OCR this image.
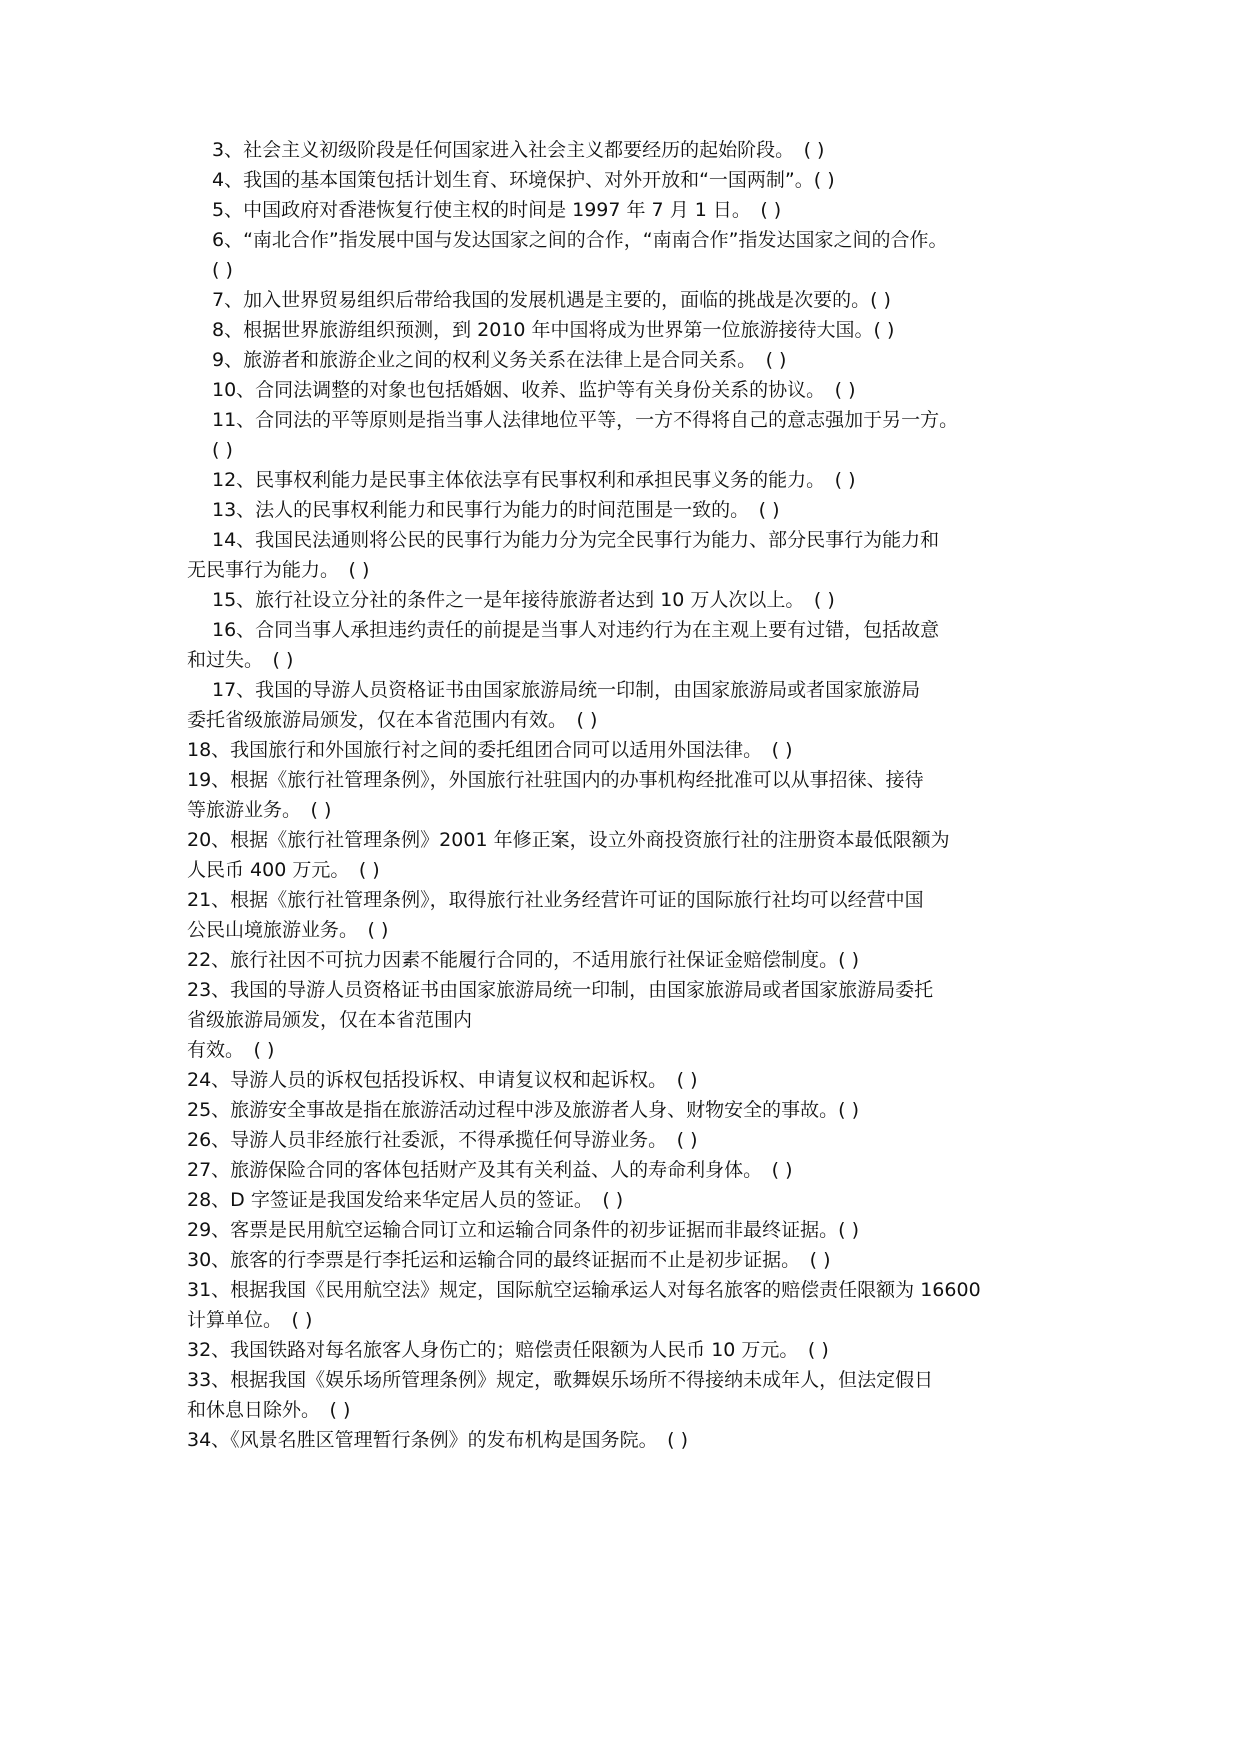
3、社会主义初级阶段是任何国家进入社会主义都要经历的起始阶段。　( )
4、我国的基本国策包括计划生育、环境保护、对外开放和“一国两制”。( )
5、中国政府对香港恢复行使主权的时间是 1997 年 7 月 1 日。　( )
6、“南北合作”指发展中国与发达国家之间的合作，“南南合作”指发达国家之间的合作。
( )
7、加入世界贸易组织后带给我国的发展机遇是主要的，面临的挑战是次要的。( )
8、根据世界旅游组织预测，到 2010 年中国将成为世界第一位旅游接待大国。( )
9、旅游者和旅游企业之间的权利义务关系在法律上是合同关系。　( )
10、合同法调整的对象也包括婚姻、收养、监护等有关身份关系的协议。　( )
11、合同法的平等原则是指当事人法律地位平等，一方不得将自己的意志强加于另一方。
( )
12、民事权利能力是民事主体依法享有民事权利和承担民事义务的能力。　( )
13、法人的民事权利能力和民事行为能力的时间范围是一致的。　( )
14、我国民法通则将公民的民事行为能力分为完全民事行为能力、部分民事行为能力和
无民事行为能力。　( )
15、旅行社设立分社的条件之一是年接待旅游者达到 10 万人次以上。　( )
16、合同当事人承担违约责任的前提是当事人对违约行为在主观上要有过错，包括故意
和过失。　( )
17、我国的导游人员资格证书由国家旅游局统一印制，由国家旅游局或者国家旅游局
委托省级旅游局颁发，仅在本省范围内有效。　( )
18、我国旅行和外国旅行衬之间的委托组团合同可以适用外国法律。　( )
19、根据《旅行社管理条例》，外国旅行社驻国内的办事机构经批准可以从事招徕、接待
等旅游业务。　( )
20、根据《旅行社管理条例》2001 年修正案，设立外商投资旅行社的注册资本最低限额为
人民币 400 万元。　( )
21、根据《旅行社管理条例》，取得旅行社业务经营许可证的国际旅行社均可以经营中国
公民山境旅游业务。　( )
22、旅行社因不可抗力因素不能履行合同的，不适用旅行社保证金赔偿制度。( )
23、我国的导游人员资格证书由国家旅游局统一印制，由国家旅游局或者国家旅游局委托
省级旅游局颁发，仅在本省范围内
有效。　( )
24、导游人员的诉权包括投诉权、申请复议权和起诉权。　( )
25、旅游安全事故是指在旅游活动过程中涉及旅游者人身、财物安全的事故。( )
26、导游人员非经旅行社委派，不得承揽任何导游业务。　( )
27、旅游保险合同的客体包括财产及其有关利益、人的寿命利身体。　( )
28、D 字签证是我国发给来华定居人员的签证。　( )
29、客票是民用航空运输合同订立和运输合同条件的初步证据而非最终证据。( )
30、旅客的行李票是行李托运和运输合同的最终证据而不止是初步证据。　( )
31、根据我国《民用航空法》规定，国际航空运输承运人对每名旅客的赔偿责任限额为 16600
计算单位。　( )
32、我国铁路对每名旅客人身伤亡的；赔偿责任限额为人民币 10 万元。　( )
33、根据我国《娱乐场所管理条例》规定，歌舞娱乐场所不得接纳未成年人，但法定假日
和休息日除外。　( )
34、《风景名胜区管理暂行条例》的发布机构是国务院。　( )
